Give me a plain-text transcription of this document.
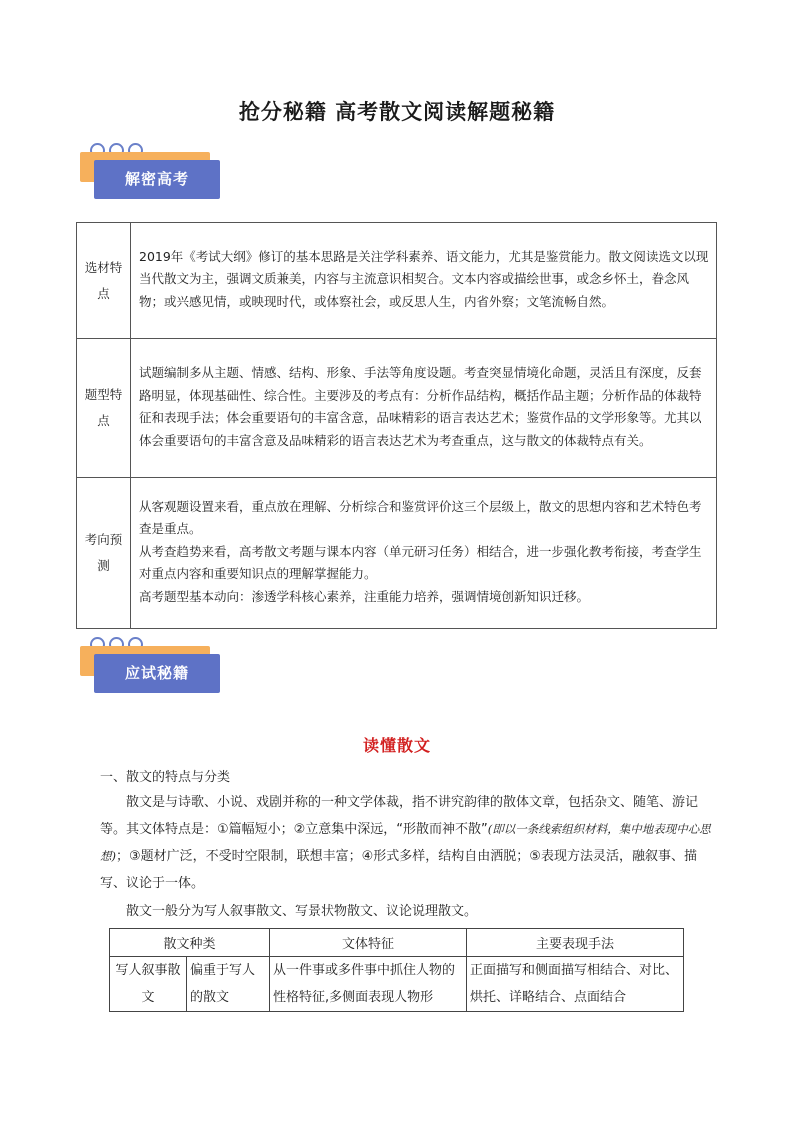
抢分秘籍 高考散文阅读解题秘籍
解密高考
选材特点	2019年《考试大纲》修订的基本思路是关注学科素养、语文能力，尤其是鉴赏能力。散文阅读选文以现当代散文为主，强调文质兼美，内容与主流意识相契合。文本内容或描绘世事，或念乡怀土，眷念风物；或兴感见情，或映现时代，或体察社会，或反思人生，内省外察；文笔流畅自然。

题型特点	试题编制多从主题、情感、结构、形象、手法等角度设题。考查突显情境化命题，灵活且有深度，反套路明显，体现基础性、综合性。主要涉及的考点有：分析作品结构，概括作品主题；分析作品的体裁特征和表现手法；体会重要语句的丰富含意，品味精彩的语言表达艺术；鉴赏作品的文学形象等。尤其以体会重要语句的丰富含意及品味精彩的语言表达艺术为考查重点，这与散文的体裁特点有关。

考向预测	从客观题设置来看，重点放在理解、分析综合和鉴赏评价这三个层级上，散文的思想内容和艺术特色考查是重点。

从考查趋势来看，高考散文考题与课本内容（单元研习任务）相结合，进一步强化教考衔接，考查学生对重点内容和重要知识点的理解掌握能力。

高考题型基本动向：渗透学科核心素养，注重能力培养，强调情境创新知识迁移。

应试秘籍
读懂散文
一、散文的特点与分类

散文是与诗歌、小说、戏剧并称的一种文学体裁，指不讲究韵律的散体文章，包括杂文、随笔、游记等。其文体特点是：①篇幅短小；②立意集中深远，“形散而神不散”(即以一条线索组织材料，集中地表现中心思想)；③题材广泛，不受时空限制，联想丰富；④形式多样，结构自由洒脱；⑤表现方法灵活，融叙事、描写、议论于一体。

散文一般分为写人叙事散文、写景状物散文、议论说理散文。

散文种类		文体特征	主要表现手法
写人叙事散文	偏重于写人的散文	从一件事或多件事中抓住人物的性格特征,多侧面表现人物形	正面描写和侧面描写相结合、对比、烘托、详略结合、点面结合
